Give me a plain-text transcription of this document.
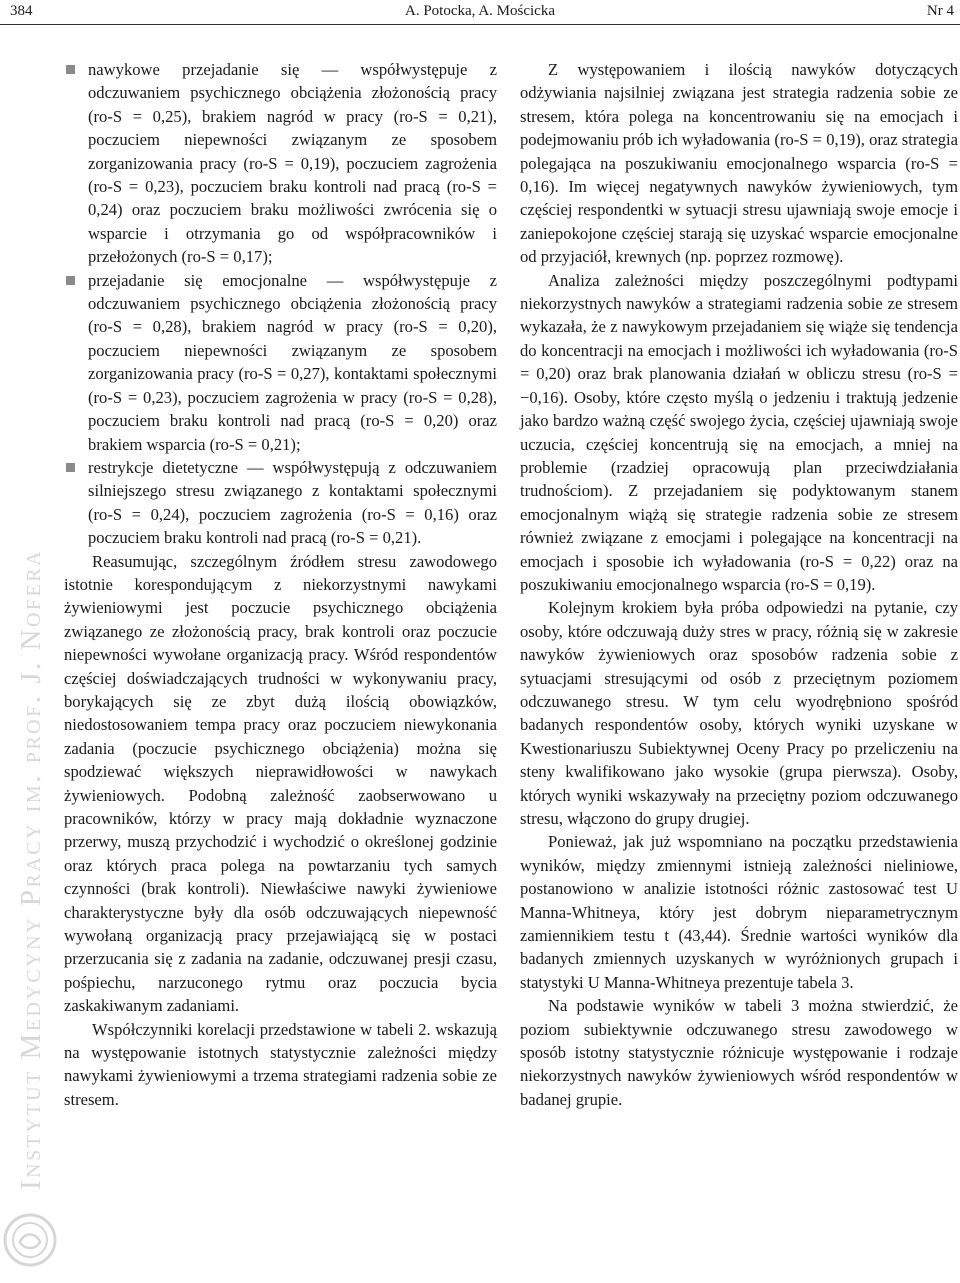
384	A. Potocka, A. Mościcka	Nr 4
Instytut Medycyny Pracy im. prof. J. Nofera
nawykowe przejadanie się — współwystępuje z odczuwaniem psychicznego obciążenia złożonością pracy (ro-S = 0,25), brakiem nagród w pracy (ro-S = 0,21), poczuciem niepewności związanym ze sposobem zorganizowania pracy (ro-S = 0,19), poczuciem zagrożenia (ro-S = 0,23), poczuciem braku kontroli nad pracą (ro-S = 0,24) oraz poczuciem braku możliwości zwrócenia się o wsparcie i otrzymania go od współpracowników i przełożonych (ro-S = 0,17);
przejadanie się emocjonalne — współwystępuje z odczuwaniem psychicznego obciążenia złożonością pracy (ro-S = 0,28), brakiem nagród w pracy (ro-S = 0,20), poczuciem niepewności związanym ze sposobem zorganizowania pracy (ro-S = 0,27), kontaktami społecznymi (ro-S = 0,23), poczuciem zagrożenia w pracy (ro-S = 0,28), poczuciem braku kontroli nad pracą (ro-S = 0,20) oraz brakiem wsparcia (ro-S = 0,21);
restrykcje dietetyczne — współwystępują z odczuwaniem silniejszego stresu związanego z kontaktami społecznymi (ro-S = 0,24), poczuciem zagrożenia (ro-S = 0,16) oraz poczuciem braku kontroli nad pracą (ro-S = 0,21).

Reasumując, szczególnym źródłem stresu zawodowego istotnie korespondującym z niekorzystnymi nawykami żywieniowymi jest poczucie psychicznego obciążenia związanego ze złożonością pracy, brak kontroli oraz poczucie niepewności wywołane organizacją pracy. Wśród respondentów częściej doświadczających trudności w wykonywaniu pracy, borykających się ze zbyt dużą ilością obowiązków, niedostosowaniem tempa pracy oraz poczuciem niewykonania zadania (poczucie psychicznego obciążenia) można się spodziewać większych nieprawidłowości w nawykach żywieniowych. Podobną zależność zaobserwowano u pracowników, którzy w pracy mają dokładnie wyznaczone przerwy, muszą przychodzić i wychodzić o określonej godzinie oraz których praca polega na powtarzaniu tych samych czynności (brak kontroli). Niewłaściwe nawyki żywieniowe charakterystyczne były dla osób odczuwających niepewność wywołaną organizacją pracy przejawiającą się w postaci przerzucania się z zadania na zadanie, odczuwanej presji czasu, pośpiechu, narzuconego rytmu oraz poczucia bycia zaskakiwanym zadaniami.

Współczynniki korelacji przedstawione w tabeli 2. wskazują na występowanie istotnych statystycznie zależności między nawykami żywieniowymi a trzema strategiami radzenia sobie ze stresem.

Z występowaniem i ilością nawyków dotyczących odżywiania najsilniej związana jest strategia radzenia sobie ze stresem, która polega na koncentrowaniu się na emocjach i podejmowaniu prób ich wyładowania (ro-S = 0,19), oraz strategia polegająca na poszukiwaniu emocjonalnego wsparcia (ro-S = 0,16). Im więcej negatywnych nawyków żywieniowych, tym częściej respondentki w sytuacji stresu ujawniają swoje emocje i zaniepokojone częściej starają się uzyskać wsparcie emocjonalne od przyjaciół, krewnych (np. poprzez rozmowę).

Analiza zależności między poszczególnymi podtypami niekorzystnych nawyków a strategiami radzenia sobie ze stresem wykazała, że z nawykowym przejadaniem się wiąże się tendencja do koncentracji na emocjach i możliwości ich wyładowania (ro-S = 0,20) oraz brak planowania działań w obliczu stresu (ro-S = −0,16). Osoby, które często myślą o jedzeniu i traktują jedzenie jako bardzo ważną część swojego życia, częściej ujawniają swoje uczucia, częściej koncentrują się na emocjach, a mniej na problemie (rzadziej opracowują plan przeciwdziałania trudnościom). Z przejadaniem się podyktowanym stanem emocjonalnym wiążą się strategie radzenia sobie ze stresem również związane z emocjami i polegające na koncentracji na emocjach i sposobie ich wyładowania (ro-S = 0,22) oraz na poszukiwaniu emocjonalnego wsparcia (ro-S = 0,19).

Kolejnym krokiem była próba odpowiedzi na pytanie, czy osoby, które odczuwają duży stres w pracy, różnią się w zakresie nawyków żywieniowych oraz sposobów radzenia sobie z sytuacjami stresującymi od osób z przeciętnym poziomem odczuwanego stresu. W tym celu wyodrębniono spośród badanych respondentów osoby, których wyniki uzyskane w Kwestionariuszu Subiektywnej Oceny Pracy po przeliczeniu na steny kwalifikowano jako wysokie (grupa pierwsza). Osoby, których wyniki wskazywały na przeciętny poziom odczuwanego stresu, włączono do grupy drugiej.

Ponieważ, jak już wspomniano na początku przedstawienia wyników, między zmiennymi istnieją zależności nieliniowe, postanowiono w analizie istotności różnic zastosować test U Manna-Whitneya, który jest dobrym nieparametrycznym zamiennikiem testu t (43,44). Średnie wartości wyników dla badanych zmiennych uzyskanych w wyróżnionych grupach i statystyki U Manna-Whitneya prezentuje tabela 3.

Na podstawie wyników w tabeli 3 można stwierdzić, że poziom subiektywnie odczuwanego stresu zawodowego w sposób istotny statystycznie różnicuje występowanie i rodzaje niekorzystnych nawyków żywieniowych wśród respondentów w badanej grupie.
